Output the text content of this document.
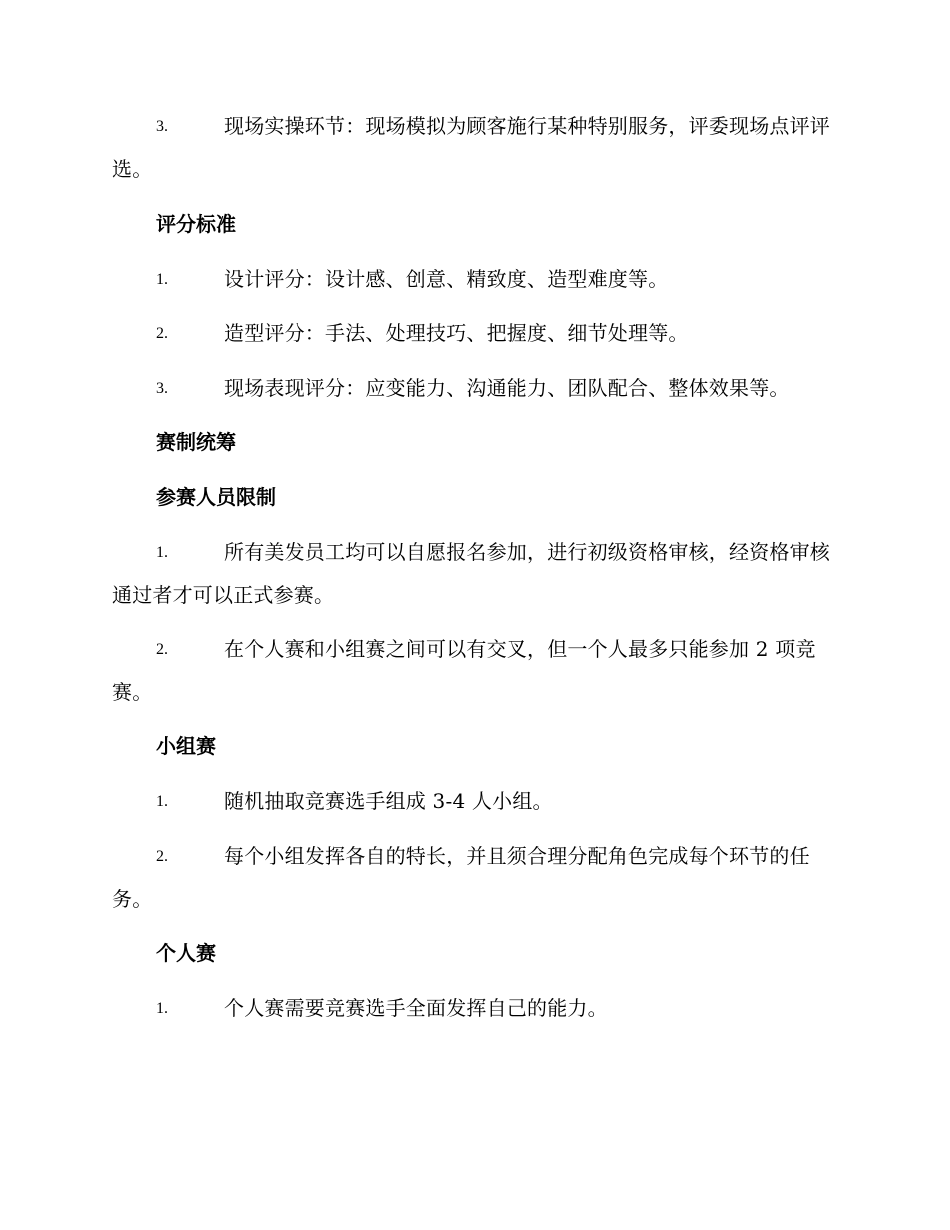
3.	现场实操环节：现场模拟为顾客施行某种特别服务，评委现场点评评选。
评分标准
1.	设计评分：设计感、创意、精致度、造型难度等。
2.	造型评分：手法、处理技巧、把握度、细节处理等。
3.	现场表现评分：应变能力、沟通能力、团队配合、整体效果等。
赛制统筹
参赛人员限制
1.	所有美发员工均可以自愿报名参加，进行初级资格审核，经资格审核通过者才可以正式参赛。
2.	在个人赛和小组赛之间可以有交叉，但一个人最多只能参加 2 项竞赛。
小组赛
1.	随机抽取竞赛选手组成 3-4 人小组。
2.	每个小组发挥各自的特长，并且须合理分配角色完成每个环节的任务。
个人赛
1.	个人赛需要竞赛选手全面发挥自己的能力。
